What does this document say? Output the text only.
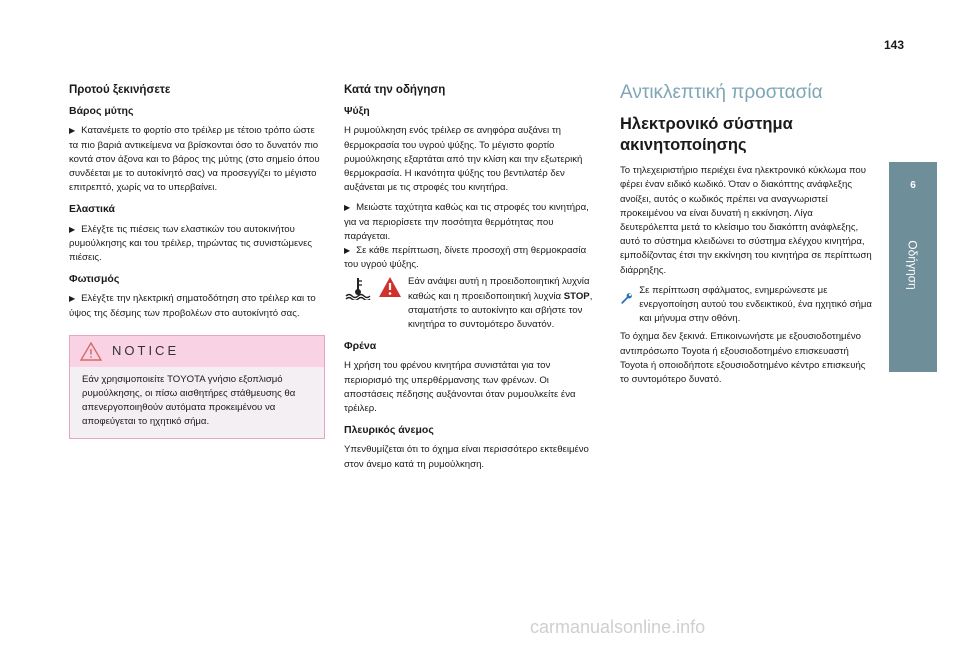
143
Προτού ξεκινήσετε
Βάρος μύτης

▶ Κατανέμετε το φορτίο στο τρέιλερ με τέτοιο τρόπο ώστε τα πιο βαριά αντικείμενα να βρίσκονται όσο το δυνατόν πιο κοντά στον άξονα και το βάρος της μύτης (στο σημείο όπου συνδέεται με το αυτοκίνητό σας) να προσεγγίζει το μέγιστο επιτρεπτό, χωρίς να το υπερβαίνει.

Ελαστικά

▶ Ελέγξτε τις πιέσεις των ελαστικών του αυτοκινήτου ρυμούλκησης και του τρέιλερ, τηρώντας τις συνιστώμενες πιέσεις.

Φωτισμός

▶ Ελέγξτε την ηλεκτρική σηματοδότηση στο τρέιλερ και το ύψος της δέσμης των προβολέων στο αυτοκίνητό σας.

NOTICE
Εάν χρησιμοποιείτε TOYOTA γνήσιο εξοπλισμό ρυμούλκησης, οι πίσω αισθητήρες στάθμευσης θα απενεργοποιηθούν αυτόματα προκειμένου να αποφεύγεται το ηχητικό σήμα.
Κατά την οδήγηση
Ψύξη

Η ρυμούλκηση ενός τρέιλερ σε ανηφόρα αυξάνει τη θερμοκρασία του υγρού ψύξης. Το μέγιστο φορτίο ρυμούλκησης εξαρτάται από την κλίση και την εξωτερική θερμοκρασία. Η ικανότητα ψύξης του βεντιλατέρ δεν αυξάνεται με τις στροφές του κινητήρα.

▶ Μειώστε ταχύτητα καθώς και τις στροφές του κινητήρα, για να περιορίσετε την ποσότητα θερμότητας που παράγεται.

▶ Σε κάθε περίπτωση, δίνετε προσοχή στη θερμοκρασία του υγρού ψύξης.

Εάν ανάψει αυτή η προειδοποιητική λυχνία καθώς και η προειδοποιητική λυχνία STOP, σταματήστε το αυτοκίνητο και σβήστε τον κινητήρα το συντομότερο δυνατόν.

Φρένα

Η χρήση του φρένου κινητήρα συνιστάται για τον περιορισμό της υπερθέρμανσης των φρένων. Οι αποστάσεις πέδησης αυξάνονται όταν ρυμουλκείτε ένα τρέιλερ.

Πλευρικός άνεμος

Υπενθυμίζεται ότι το όχημα είναι περισσότερο εκτεθειμένο στον άνεμο κατά τη ρυμούλκηση.

Αντικλεπτική προστασία
Ηλεκτρονικό σύστημα ακινητοποίησης

Το τηλεχειριστήριο περιέχει ένα ηλεκτρονικό κύκλωμα που φέρει έναν ειδικό κωδικό. Όταν ο διακόπτης ανάφλεξης ανοίξει, αυτός ο κωδικός πρέπει να αναγνωριστεί προκειμένου να είναι δυνατή η εκκίνηση. Λίγα δευτερόλεπτα μετά το κλείσιμο του διακόπτη ανάφλεξης, αυτό το σύστημα κλειδώνει το σύστημα ελέγχου κινητήρα, εμποδίζοντας έτσι την εκκίνηση του κινητήρα σε περίπτωση διάρρηξης.

Σε περίπτωση σφάλματος, ενημερώνεστε με ενεργοποίηση αυτού του ενδεικτικού, ένα ηχητικό σήμα και μήνυμα στην οθόνη.

Το όχημα δεν ξεκινά. Επικοινωνήστε με εξουσιοδοτημένο αντιπρόσωπο Toyota ή εξουσιοδοτημένο επισκευαστή Toyota ή οποιοδήποτε εξουσιοδοτημένο κέντρο επισκευής το συντομότερο δυνατό.

6
Οδήγηση
carmanualsonline.info
